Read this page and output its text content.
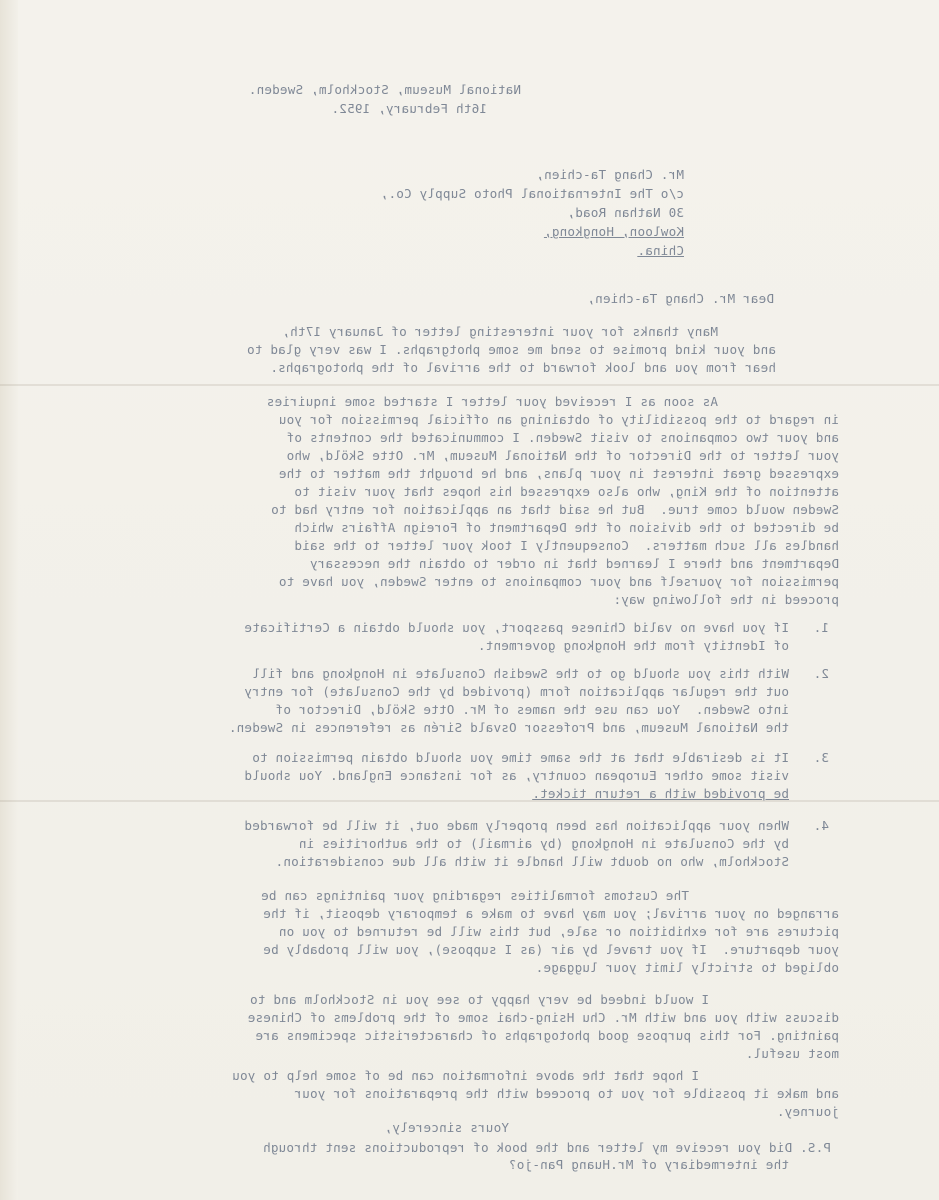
National Museum, Stockholm, Sweden.
16th February, 1952.
Mr. Chang Ta-chien,
c/o The International Photo Supply Co.,
30 Nathan Road,
Kowloon, Hongkong,
China.
Dear Mr. Chang Ta-chien,
Many thanks for your interesting letter of January 17th,
and your kind promise to send me some photgraphs. I was very glad to
hear from you and look forward to the arrival of the photographs.
As soon as I received your letter I started some inquiries
in regard to the possibility of obtaining an official permission for you
and your two companions to visit Sweden. I communicated the contents of
your letter to the Director of the National Museum, Mr. Otte Sköld, who
expressed great interest in your plans, and he brought the matter to the
attention of the King, who also expressed his hopes that your visit to
Sweden would come true.  But he said that an application for entry had to
be directed to the division of the Department of Foreign Affairs which
handles all such matters.  Consequently I took your letter to the said
Department and there I learned that in order to obtain the necessary
permission for yourself and your companions to enter Sweden, you have to
proceed in the following way:
1.
If you have no valid Chinese passport, you should obtain a Certificate
of Identity from the Hongkong goverment.
2.
With this you should go to the Swedish Consulate in Hongkong and fill
out the regular application form (provided by the Consulate) for entry
into Sweden.  You can use the names of Mr. Otte Sköld, Director of
the National Museum, and Professor Osvald Sirén as references in Sweden.
3.
It is desirable that at the same time you should obtain permission to
visit some other European country, as for instance England. You should
be provided with a return ticket.
4.
When your application has been properly made out, it will be forwarded
by the Consulate in Hongkong (by airmail) to the authorities in
Stockholm, who no doubt will handle it with all due consideration.
The Customs formalities regarding your paintings can be
arranged on your arrival; you may have to make a temporary deposit, if the
pictures are for exhibition or sale, but this will be returned to you on
your departure.  If you travel by air (as I suppose), you will probably be
obliged to strictly limit your luggage.
I would indeed be very happy to see you in Stockholm and to
discuss with you and with Mr. Chu Hsing-chai some of the problems of Chinese
painting. For this purpose good photographs of characteristic specimens are
most useful.
I hope that the above information can be of some help to you
and make it possible for you to proceed with the preparations for your
journey.
Yours sincerely,
P.S. Did you receive my letter and the book of reproductions sent through
the intermediary of Mr.Huang Pan-jo?
